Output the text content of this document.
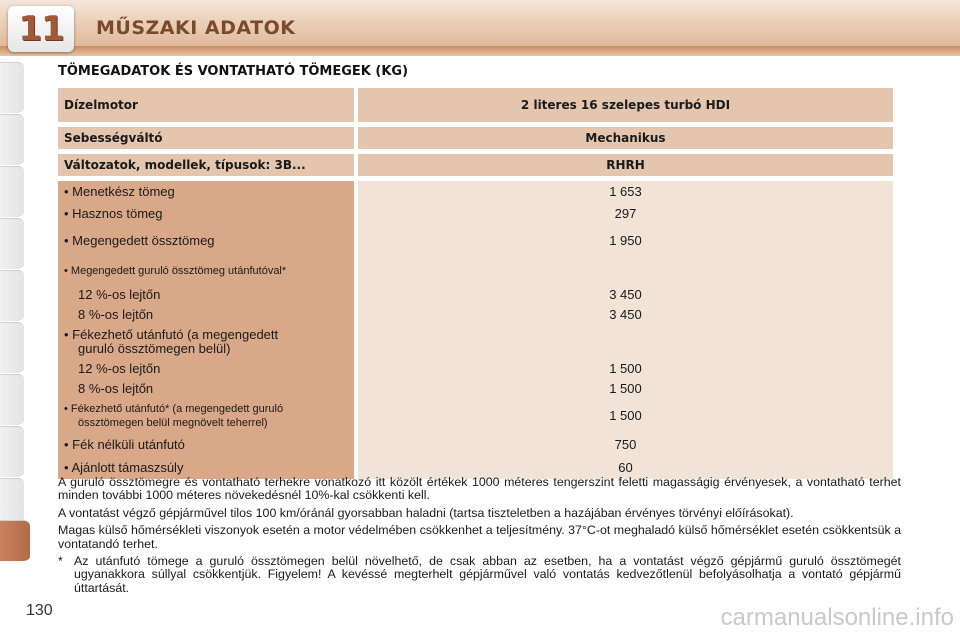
11 MŰSZAKI ADATOK
TÖMEGADATOK ÉS VONTATHATÓ TÖMEGEK (KG)
Dízelmotor	2 literes 16 szelepes turbó HDI

Sebességváltó	Mechanikus

Változatok, modellek, típusok: 3B...	RHRH

• Menetkész tömeg	1 653
• Hasznos tömeg	297
• Megengedett össztömeg	1 950
• Megengedett guruló össztömeg utánfutóval*	
12 %-os lejtőn	3 450
8 %-os lejtőn	3 450
• Fékezhető utánfutó (a megengedett
guruló össztömegen belül)	
12 %-os lejtőn	1 500
8 %-os lejtőn	1 500
• Fékezhető utánfutó* (a megengedett guruló
össztömegen belül megnövelt teherrel)	1 500
• Fék nélküli utánfutó	750
• Ajánlott támaszsúly	60

A guruló össztömegre és vontatható terhekre vonatkozó itt közölt értékek 1000 méteres tengerszint feletti magasságig érvényesek, a vontatható terhet minden további 1000 méteres növekedésnél 10%-kal csökkenti kell.

A vontatást végző gépjárművel tilos 100 km/óránál gyorsabban haladni (tartsa tiszteletben a hazájában érvényes törvényi előírásokat).

Magas külső hőmérsékleti viszonyok esetén a motor védelmében csökkenhet a teljesítmény. 37°C-ot meghaladó külső hőmérséklet esetén csökkentsük a vontatandó terhet.

* Az utánfutó tömege a guruló össztömegen belül növelhető, de csak abban az esetben, ha a vontatást végző gépjármű guruló össztömegét ugyanakkora súllyal csökkentjük. Figyelem! A kevéssé megterhelt gépjárművel való vontatás kedvezőtlenül befolyásolhatja a vontató gépjármű úttartását.
130	carmanualsonline.info
